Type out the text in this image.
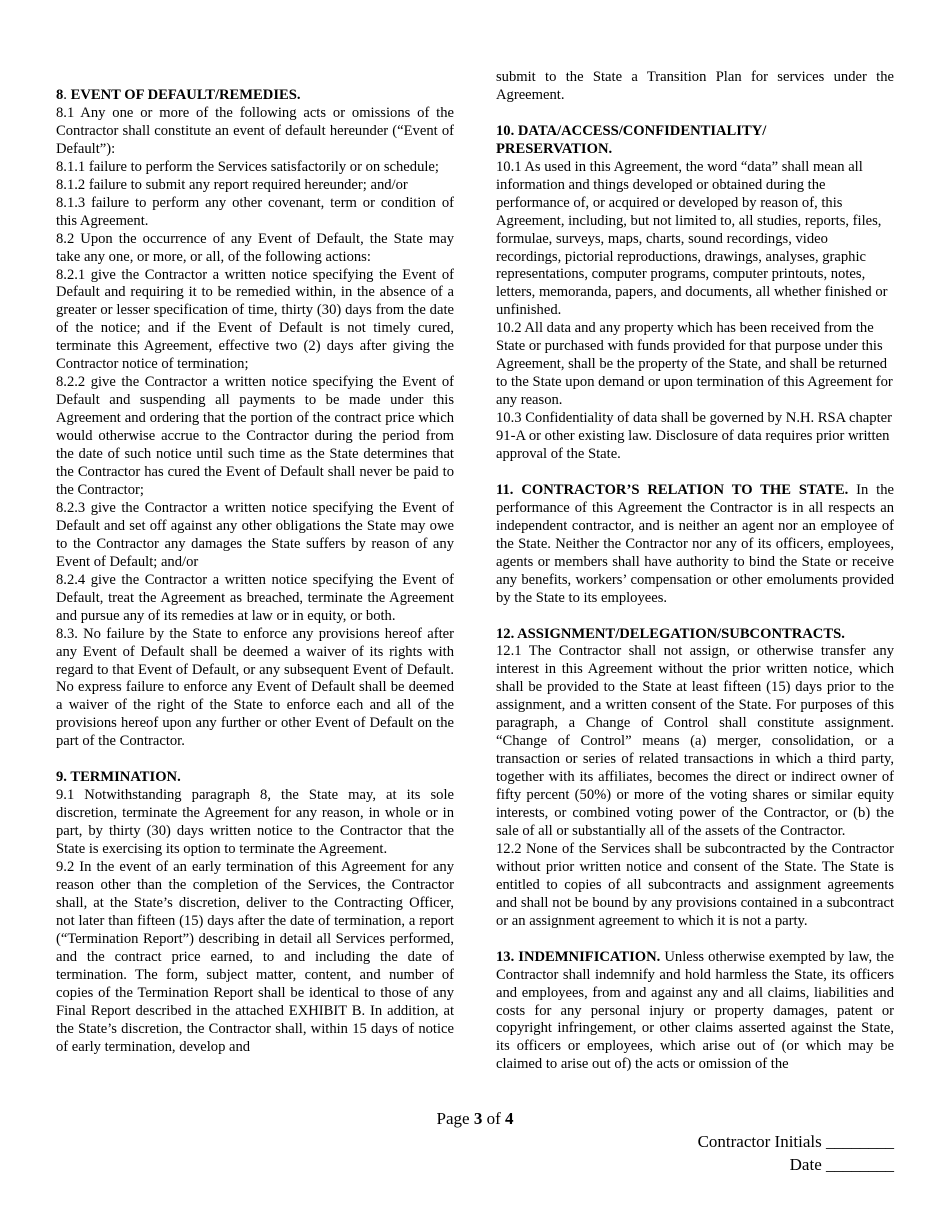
8. EVENT OF DEFAULT/REMEDIES.

8.1 Any one or more of the following acts or omissions of the Contractor shall constitute an event of default hereunder (“Event of Default”):

8.1.1 failure to perform the Services satisfactorily or on schedule;

8.1.2 failure to submit any report required hereunder; and/or

8.1.3 failure to perform any other covenant, term or condition of this Agreement.

8.2 Upon the occurrence of any Event of Default, the State may take any one, or more, or all, of the following actions:

8.2.1 give the Contractor a written notice specifying the Event of Default and requiring it to be remedied within, in the absence of a greater or lesser specification of time, thirty (30) days from the date of the notice; and if the Event of Default is not timely cured, terminate this Agreement, effective two (2) days after giving the Contractor notice of termination;

8.2.2 give the Contractor a written notice specifying the Event of Default and suspending all payments to be made under this Agreement and ordering that the portion of the contract price which would otherwise accrue to the Contractor during the period from the date of such notice until such time as the State determines that the Contractor has cured the Event of Default shall never be paid to the Contractor;

8.2.3 give the Contractor a written notice specifying the Event of Default and set off against any other obligations the State may owe to the Contractor any damages the State suffers by reason of any Event of Default; and/or

8.2.4 give the Contractor a written notice specifying the Event of Default, treat the Agreement as breached, terminate the Agreement and pursue any of its remedies at law or in equity, or both.

8.3. No failure by the State to enforce any provisions hereof after any Event of Default shall be deemed a waiver of its rights with regard to that Event of Default, or any subsequent Event of Default. No express failure to enforce any Event of Default shall be deemed a waiver of the right of the State to enforce each and all of the provisions hereof upon any further or other Event of Default on the part of the Contractor.

9. TERMINATION.

9.1 Notwithstanding paragraph 8, the State may, at its sole discretion, terminate the Agreement for any reason, in whole or in part, by thirty (30) days written notice to the Contractor that the State is exercising its option to terminate the Agreement.

9.2 In the event of an early termination of this Agreement for any reason other than the completion of the Services, the Contractor shall, at the State’s discretion, deliver to the Contracting Officer, not later than fifteen (15) days after the date of termination, a report (“Termination Report”) describing in detail all Services performed, and the contract price earned, to and including the date of termination. The form, subject matter, content, and number of copies of the Termination Report shall be identical to those of any Final Report described in the attached EXHIBIT B. In addition, at the State’s discretion, the Contractor shall, within 15 days of notice of early termination, develop and

submit to the State a Transition Plan for services under the Agreement.

10. DATA/ACCESS/CONFIDENTIALITY/
PRESERVATION.

10.1 As used in this Agreement, the word “data” shall mean all information and things developed or obtained during the performance of, or acquired or developed by reason of, this Agreement, including, but not limited to, all studies, reports, files, formulae, surveys, maps, charts, sound recordings, video recordings, pictorial reproductions, drawings, analyses, graphic representations, computer programs, computer printouts, notes, letters, memoranda, papers, and documents, all whether finished or unfinished.

10.2 All data and any property which has been received from the State or purchased with funds provided for that purpose under this Agreement, shall be the property of the State, and shall be returned to the State upon demand or upon termination of this Agreement for any reason.

10.3 Confidentiality of data shall be governed by N.H. RSA chapter 91-A or other existing law. Disclosure of data requires prior written approval of the State.

11. CONTRACTOR’S RELATION TO THE STATE. In the performance of this Agreement the Contractor is in all respects an independent contractor, and is neither an agent nor an employee of the State. Neither the Contractor nor any of its officers, employees, agents or members shall have authority to bind the State or receive any benefits, workers’ compensation or other emoluments provided by the State to its employees.

12. ASSIGNMENT/DELEGATION/SUBCONTRACTS.

12.1 The Contractor shall not assign, or otherwise transfer any interest in this Agreement without the prior written notice, which shall be provided to the State at least fifteen (15) days prior to the assignment, and a written consent of the State. For purposes of this paragraph, a Change of Control shall constitute assignment. “Change of Control” means (a) merger, consolidation, or a transaction or series of related transactions in which a third party, together with its affiliates, becomes the direct or indirect owner of fifty percent (50%) or more of the voting shares or similar equity interests, or combined voting power of the Contractor, or (b) the sale of all or substantially all of the assets of the Contractor.

12.2 None of the Services shall be subcontracted by the Contractor without prior written notice and consent of the State. The State is entitled to copies of all subcontracts and assignment agreements and shall not be bound by any provisions contained in a subcontract or an assignment agreement to which it is not a party.

13. INDEMNIFICATION. Unless otherwise exempted by law, the Contractor shall indemnify and hold harmless the State, its officers and employees, from and against any and all claims, liabilities and costs for any personal injury or property damages, patent or copyright infringement, or other claims asserted against the State, its officers or employees, which arise out of (or which may be claimed to arise out of) the acts or omission of the

Page 3 of 4
Contractor Initials ________
Date ________
